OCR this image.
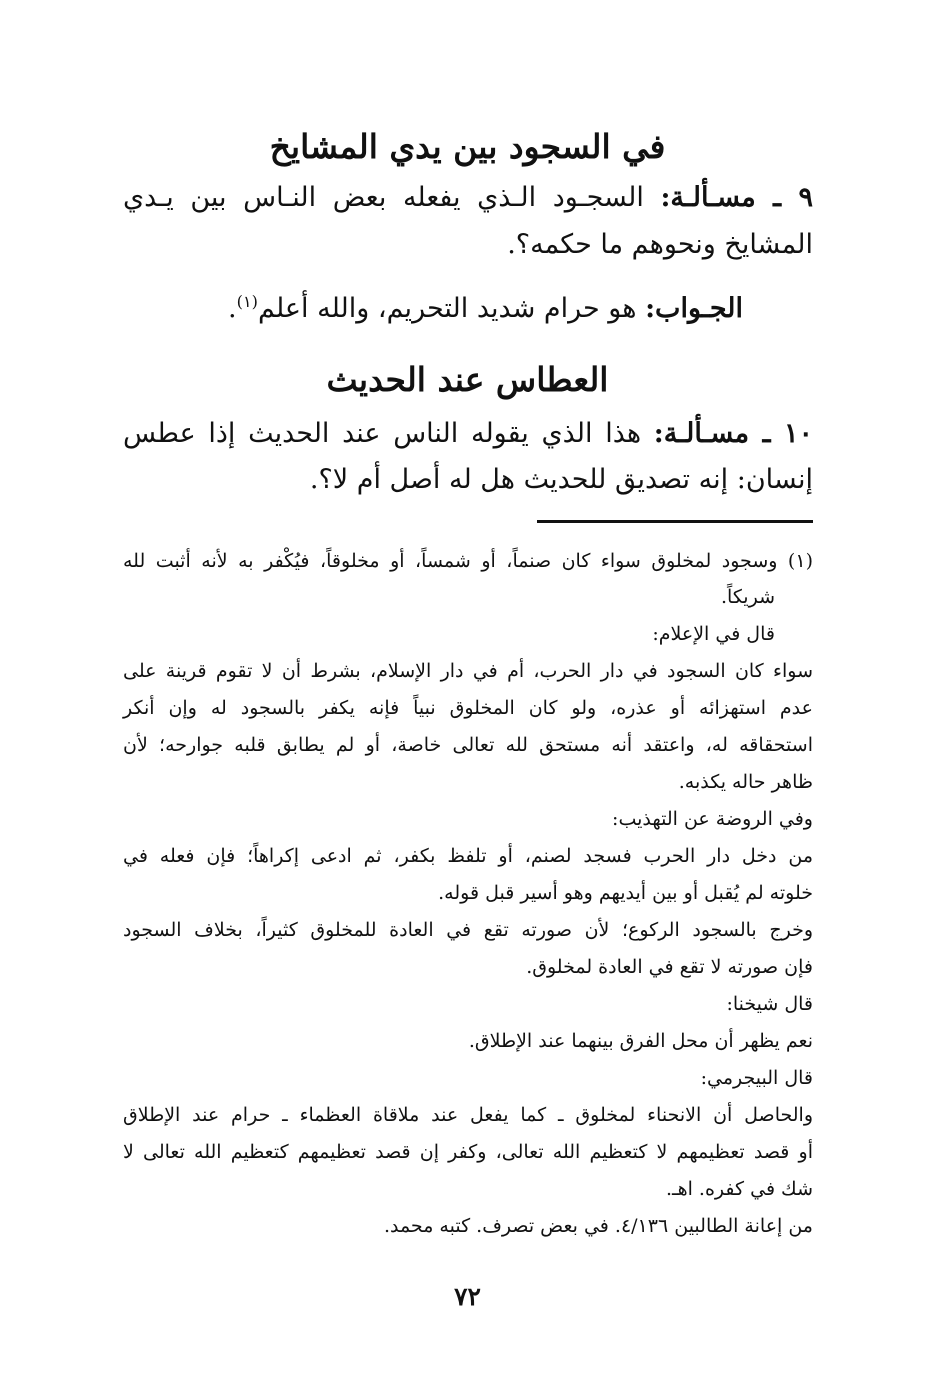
في السجود بين يدي المشايخ

٩ ـ مسـألـة: السجـود الـذي يفعله بعض النـاس بين يـدي

المشايخ ونحوهم ما حكمه؟.

الجـواب: هو حرام شديد التحريم، والله أعلم$^{(١)}$.

العطاس عند الحديث

١٠ ـ مسـألـة: هذا الذي يقوله الناس عند الحديث إذا عطس

إنسان: إنه تصديق للحديث هل له أصل أم لا؟.

(١) وسجود لمخلوق سواء كان صنماً، أو شمساً، أو مخلوقاً، فيُكْفر به لأنه أثبت لله

شريكاً.

قال في الإعلام:

سواء كان السجود في دار الحرب، أم في دار الإسلام، بشرط أن لا تقوم قرينة على

عدم استهزائه أو عذره، ولو كان المخلوق نبياً فإنه يكفر بالسجود له وإن أنكر

استحقاقه له، واعتقد أنه مستحق لله تعالى خاصة، أو لم يطابق قلبه جوارحه؛ لأن

ظاهر حاله يكذبه.

وفي الروضة عن التهذيب:

من دخل دار الحرب فسجد لصنم، أو تلفظ بكفر، ثم ادعى إكراهاً؛ فإن فعله في

خلوته لم يُقبل أو بين أيديهم وهو أسير قبل قوله.

وخرج بالسجود الركوع؛ لأن صورته تقع في العادة للمخلوق كثيراً، بخلاف السجود

فإن صورته لا تقع في العادة لمخلوق.

قال شيخنا:

نعم يظهر أن محل الفرق بينهما عند الإطلاق.

قال البيجرمي:

والحاصل أن الانحناء لمخلوق ـ كما يفعل عند ملاقاة العظماء ـ حرام عند الإطلاق

أو قصد تعظيمهم لا كتعظيم الله تعالى، وكفر إن قصد تعظيمهم كتعظيم الله تعالى لا

شك في كفره. اهـ.

من إعانة الطالبين ٤/١٣٦. في بعض تصرف. كتبه محمد.

٧٢
